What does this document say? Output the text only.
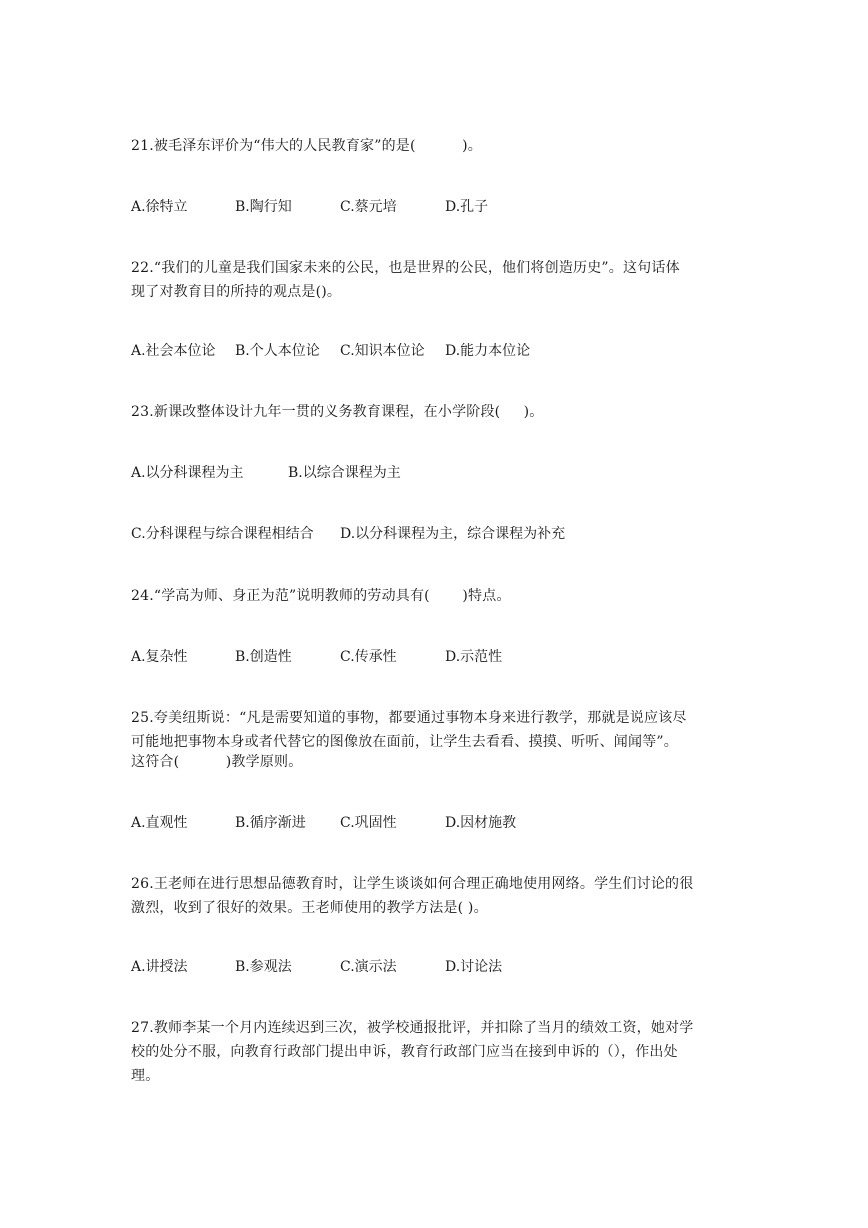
21.被毛泽东评价为“伟大的人民教育家”的是(          )。
A.徐特立	B.陶行知	C.蔡元培	D.孔子
22.“我们的儿童是我们国家未来的公民，也是世界的公民，他们将创造历史”。这句话体
现了对教育目的所持的观点是()。
A.社会本位论 B.个人本位论 C.知识本位论 D.能力本位论
23.新课改整体设计九年一贯的义务教育课程，在小学阶段(     )。
A.以分科课程为主	B.以综合课程为主
C.分科课程与综合课程相结合 D.以分科课程为主，综合课程为补充
24.“学高为师、身正为范”说明教师的劳动具有(       )特点。
A.复杂性	B.创造性	C.传承性	D.示范性
25.夸美纽斯说：“凡是需要知道的事物，都要通过事物本身来进行教学，那就是说应该尽
可能地把事物本身或者代替它的图像放在面前，让学生去看看、摸摸、听听、闻闻等”。
这符合(          )教学原则。
A.直观性	B.循序渐进 C.巩固性	D.因材施教
26.王老师在进行思想品德教育时，让学生谈谈如何合理正确地使用网络。学生们讨论的很
激烈，收到了很好的效果。王老师使用的教学方法是( )。
A.讲授法	B.参观法	C.演示法	D.讨论法
27.教师李某一个月内连续迟到三次，被学校通报批评，并扣除了当月的绩效工资，她对学
校的处分不服，向教育行政部门提出申诉，教育行政部门应当在接到申诉的（），作出处
理。
